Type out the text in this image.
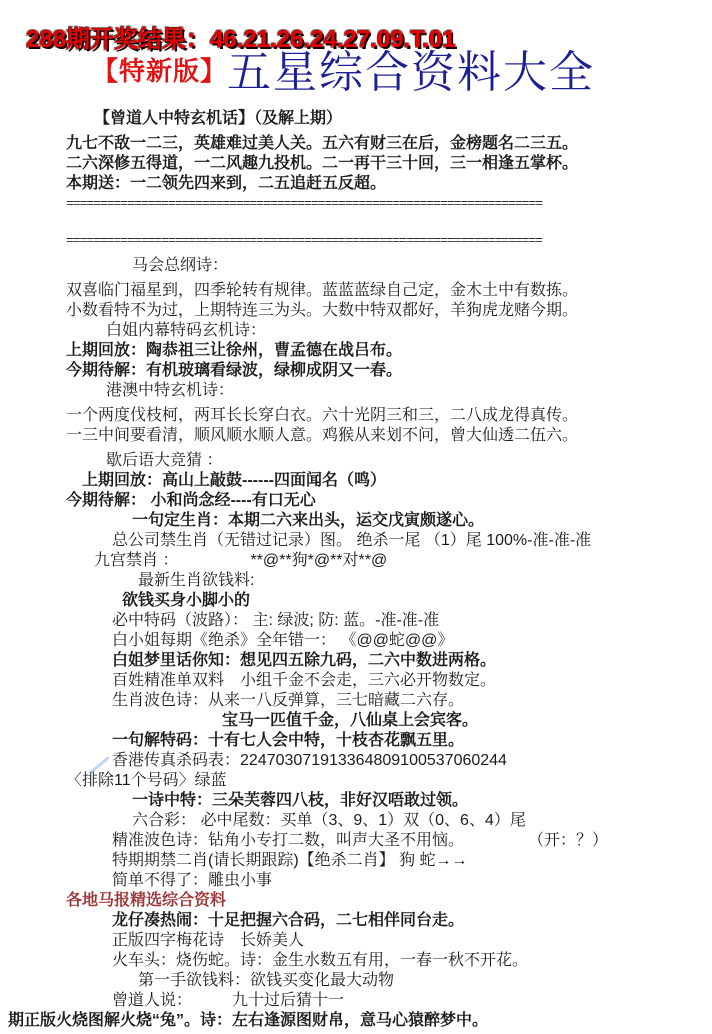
288期开奖结果：46.21.26.24.27.09.T.01
【特新版】五星综合资料大全
【曾道人中特玄机话】（及解上期）
九七不敌一二三，英雄难过美人关。五六有财三在后，金榜题名二三五。
二六深修五得道，一二风趣九投机。二一再干三十回，三一相逢五掌杯。
本期送：一二领先四来到，二五追赶五反超。
======================================================================
======================================================================
马会总纲诗：
双喜临门福星到，四季轮转有规律。蓝蓝蓝绿自己定，金木土中有数拣。
小数看特不为过，上期特连三为头。大数中特双都好，羊狗虎龙赌今期。
白姐内幕特码玄机诗：
上期回放：陶恭祖三让徐州，曹孟德在战吕布。
今期待解：有机玻璃看绿波，绿柳成阴又一春。
港澳中特玄机诗：
一个两度伐枝柯，两耳长长穿白衣。六十光阴三和三，二八成龙得真传。
一三中间要看清，顺风顺水顺人意。鸡猴从来划不问，曾大仙透二伍六。
歇后语大竞猜 ：
上期回放：高山上敲鼓------四面闻名（鸣）
今期待解： 小和尚念经----有口无心
一句定生肖：本期二六来出头，运交戊寅颇遂心。
总公司禁生肖（无错过记录）图。 绝杀一尾 （1）尾 100%-准-准-准
九宫禁肖 ：　　　　　**@**狗*@**对**@
最新生肖欲钱料:
欲钱买身小脚小的
必中特码（波路）： 主: 绿波; 防: 蓝。-准-准-准
白小姐每期《绝杀》全年错一： 《@@蛇@@》
白姐梦里话你知：想见四五除九码，二六中数进两格。
百姓精准单双料　小组千金不会走，三六必开物数定。
生肖波色诗：从来一八反弹算，三七暗藏二六存。
宝马一匹值千金，八仙桌上会宾客。
一句解特码：十有七人会中特，十枝杏花飘五里。
香港传真杀码表：224703071913364809100537060244
〈排除11个号码〉绿蓝
一诗中特：三朵芙蓉四八枝，非好汉唔敢过领。
六合彩： 必中尾数：买单（3、9、1）双（0、6、4）尾
精准波色诗：钻角小专打二数，叫声大圣不用恼。　　　　　（开：？）
特期期禁二肖(请长期跟踪)【绝杀二肖】 狗 蛇→→
简单不得了：雕虫小事
各地马报精选综合资料
龙仔凑热闹：十足把握六合码，二七相伴同台走。
正版四字梅花诗　长娇美人
火车头：烧伤蛇。诗：金生水数五有用，一春一秋不开花。
第一手欲钱料：欲钱买变化最大动物
曾道人说：　　　九十过后猜十一
期正版火烧图解火烧“兔”。诗：左右逢源图财帛，意马心猿醉梦中。
